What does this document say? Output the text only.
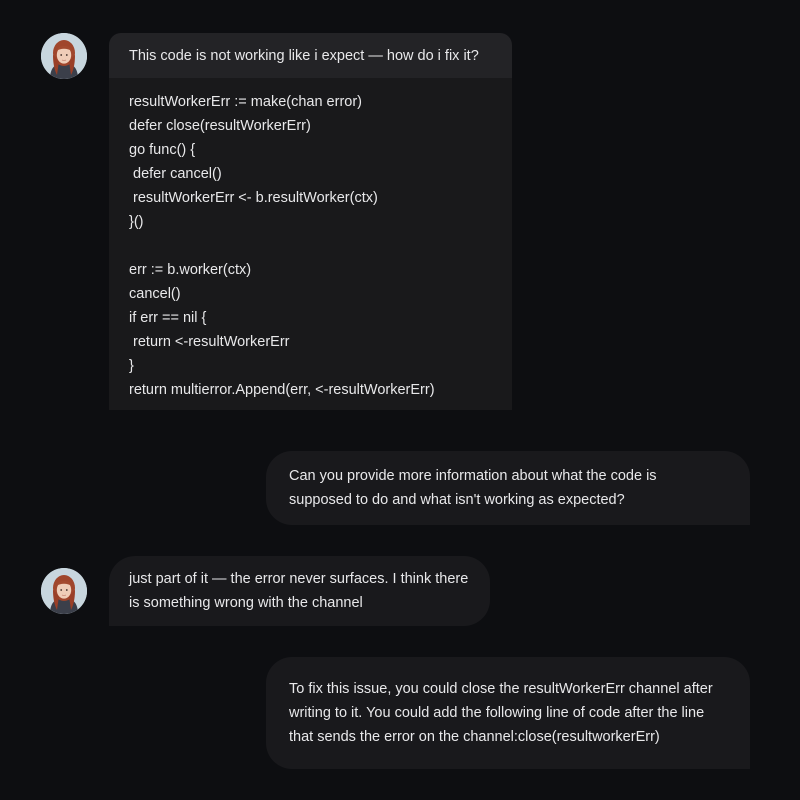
This code is not working like i expect — how do i fix it?
resultWorkerErr := make(chan error)
defer close(resultWorkerErr)
go func() {
defer cancel()
resultWorkerErr <- b.resultWorker(ctx)
}()
err := b.worker(ctx)
cancel()
if err == nil {
return <-resultWorkerErr
}
return multierror.Append(err, <-resultWorkerErr)
Can you provide more information about what the code is
supposed to do and what isn't working as expected?
just part of it — the error never surfaces. I think there
is something wrong with the channel
To fix this issue, you could close the resultWorkerErr channel after
writing to it. You could add the following line of code after the line
that sends the error on the channel:close(resultworkerErr)
